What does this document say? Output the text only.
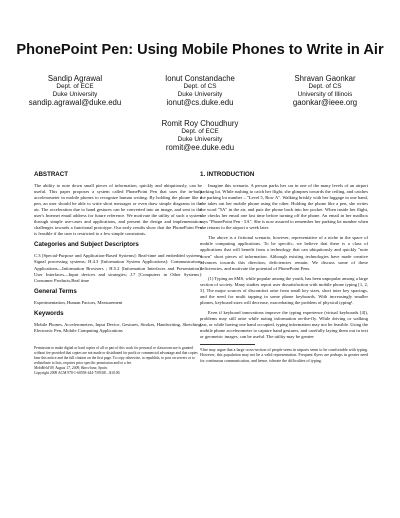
PhonePoint Pen: Using Mobile Phones to Write in Air
Sandip Agrawal
Dept. of ECE
Duke University
sandip.agrawal@duke.edu
Ionut Constandache
Dept. of CS
Duke University
ionut@cs.duke.edu
Shravan Gaonkar
Dept. of CS
University of Illinois
gaonkar@ieee.org
Romit Roy Choudhury
Dept. of ECE
Duke University
romit@ee.duke.edu
ABSTRACT

The ability to note down small pieces of information, quickly and ubiquitously, can be useful. This paper proposes a system called PhonePoint Pen that uses the in-built accelerometer in mobile phones to recognize human writing. By holding the phone like a pen, an user should be able to write short messages or even draw simple diagrams in the air. The acceleration due to hand gestures can be converted into an image, and sent to the user's Internet email address for future reference. We motivate the utility of such a system through simple use-cases and applications, and present the design and implementation challenges towards a functional prototype. Our early results show that the PhonePoint Pen is feasible if the user is restricted to a few simple constraints.

Categories and Subject Descriptors

C.3 [Special-Purpose and Application-Based Systems]: Real-time and embedded systems, Signal processing systems; H.4.3 [Information System Applications]: Communications Applications—Information Browsers ; H.5.2 [Information Interfaces and Presentation]: User Interfaces—Input devices and strategies; J.7 [Computers in Other Systems]: Consumer Products,Real time

General Terms

Experimentation, Human Factors, Measurement

Keywords

Mobile Phones, Accelerometers, Input Device, Gestures, Strokes, Handwriting, Sketching, Electronic Pen, Mobile Computing Applications

Permission to make digital or hard copies of all or part of this work for personal or classroom use is granted without fee provided that copies are not made or distributed for profit or commercial advantage and that copies bear this notice and the full citation on the first page. To copy otherwise, to republish, to post on servers or to redistribute to lists, requires prior specific permission and/or a fee.
MobiHeld'09, August 17, 2009, Barcelona, Spain.
Copyright 2009 ACM 978-1-60558-444-7/09/08 ...$10.00.
1. INTRODUCTION

Imagine this scenario. A person parks her car in one of the many levels of an airport parking lot. While rushing to catch her flight, she glimpses towards the ceiling, and catches the parking lot number – "Level 5, Row A". Walking briskly with her luggage in one hand, she takes out her mobile phone using the other. Holding the phone like a pen, she writes the word "5A" in the air, and puts the phone back into her pocket. When inside her flight, she checks her email one last time before turning off the phone. An email in her mailbox says "PhonePoint Pen - 5A". She is now assured to remember her parking lot number when she returns to the airport a week later.

The above is a fictional scenario, however, representative of a niche in the space of mobile computing applications. To be specific, we believe that there is a class of applications that will benefit from a technology that can ubiquitously and quickly "note down" short pieces of information. Although existing technologies have made creative advances towards this direction, deficiencies remain. We discuss some of these deficiencies, and motivate the potential of PhonePoint Pens.

(1) Typing an SMS, while popular among the youth, has been unpopular among a large section of society. Many studies report user dissatisfaction with mobile phone typing [1, 2, 3]. The major sources of discomfort arise from small key sizes, short inter key spacings, and the need for multi tapping in some phone keyboards. With increasingly smaller phones, keyboard sizes will decrease, exacerbating the problem of physical typing¹.

Even if keyboard innovations improve the typing experience (virtual keyboards [4]), problems may still arise while noting information on-the-fly. While driving or walking fast, or while having one hand occupied, typing information may not be feasible. Using the mobile phone accelerometer to capture hand gestures, and carefully laying them out in text or geometric images, can be useful. The utility may be greater

¹One may argue that a large cross-section of people seem in airports seem to be comfortable with typing. However, this population may not be a valid representation. Frequent flyers are perhaps in greater need for continuous communication, and hence, tolerate the difficulties of typing.
